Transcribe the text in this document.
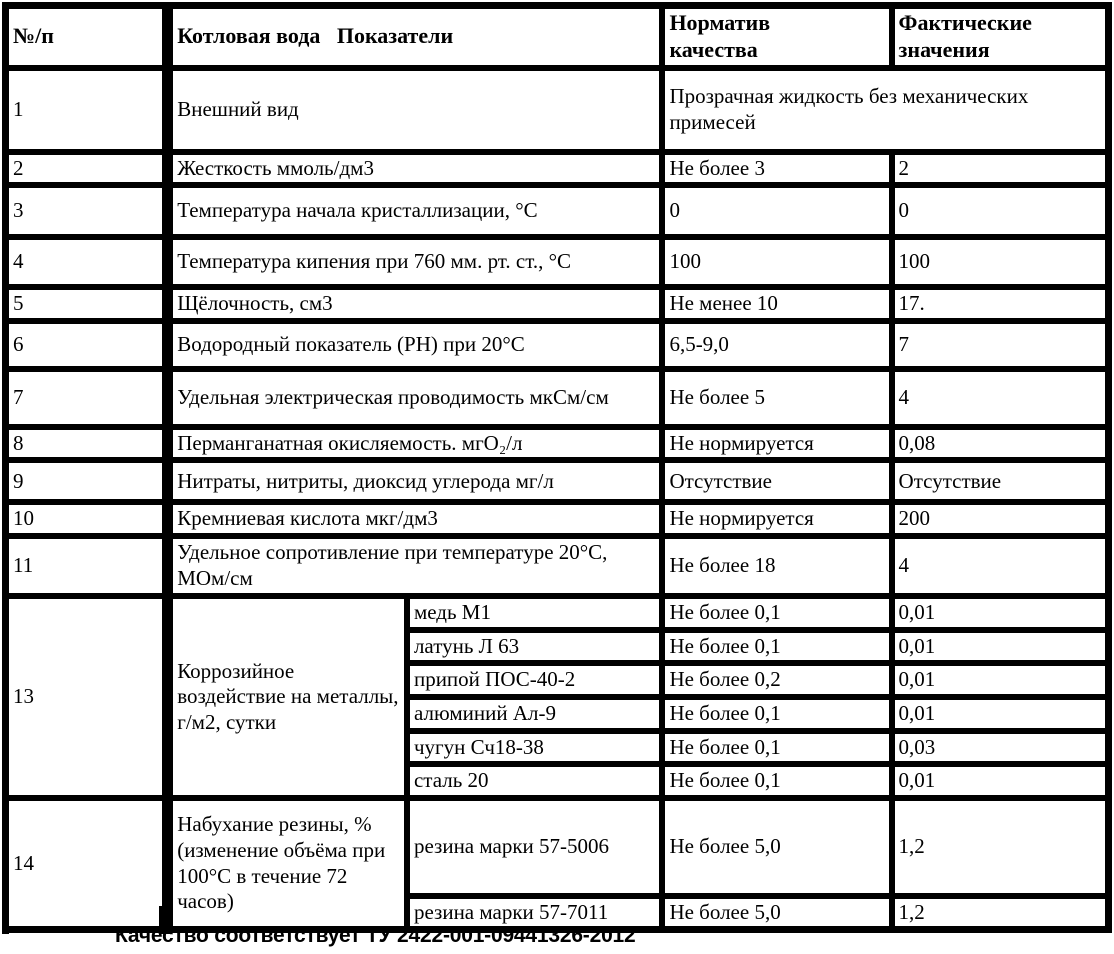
№/п	Котловая вода   Показатели		Норматив качества	Фактические значения
1	Внешний вид		Прозрачная жидкость без механических примесей	
2	Жесткость ммоль/дм3		Не более 3	2
3	Температура начала кристаллизации, °С		0	0
4	Температура кипения при 760 мм. рт. ст., °С		100	100
5	Щёлочность, см3		Не менее 10	17.
6	Водородный показатель (PH) при 20°С		6,5-9,0	7
7	Удельная электрическая проводимость мкСм/см		Не более 5	4
8	Перманганатная окисляемость. мгО₂/л		Не нормируется	0,08
9	Нитраты, нитриты, диоксид углерода мг/л		Отсутствие	Отсутствие
10	Кремниевая кислота мкг/дм3		Не нормируется	200
11	Удельное сопротивление при температуре 20°С, МОм/см		Не более 18	4
13	Коррозийное воздействие на металлы, г/м2, сутки	медь М1	Не более 0,1	0,01
		латунь Л 63	Не более 0,1	0,01
		припой ПОС-40-2	Не более 0,2	0,01
		алюминий Ал-9	Не более 0,1	0,01
		чугун Сч18-38	Не более 0,1	0,03
		сталь 20	Не более 0,1	0,01
14	Набухание резины, % (изменение объёма при 100°С в течение 72 часов)	резина марки 57-5006	Не более 5,0	1,2
		резина марки 57-7011	Не более 5,0	1,2
Качество соответствует ТУ 2422-001-09441326-2012
